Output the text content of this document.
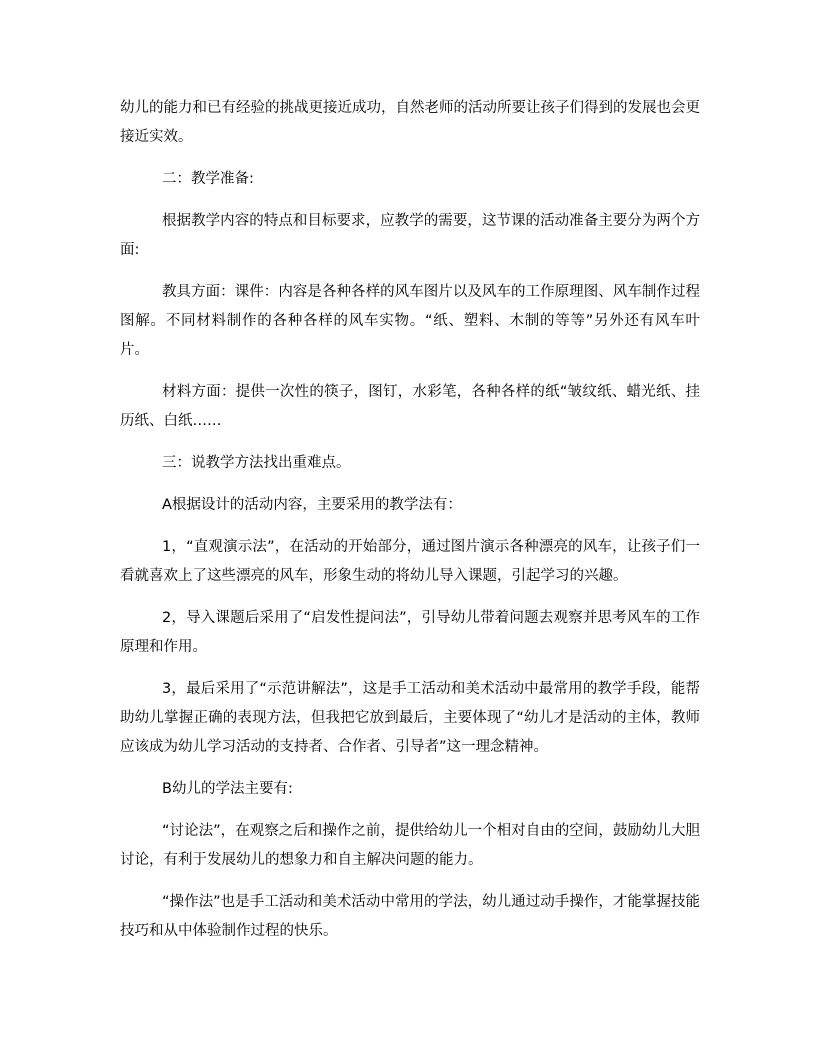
幼儿的能力和已有经验的挑战更接近成功，自然老师的活动所要让孩子们得到的发展也会更接近实效。

二：教学准备:

根据教学内容的特点和目标要求，应教学的需要，这节课的活动准备主要分为两个方面:

教具方面：课件：内容是各种各样的风车图片以及风车的工作原理图、风车制作过程图解。不同材料制作的各种各样的风车实物。“纸、塑料、木制的等等”另外还有风车叶片。

材料方面：提供一次性的筷子，图钉，水彩笔，各种各样的纸“皱纹纸、蜡光纸、挂历纸、白纸……

三：说教学方法找出重难点。

A根据设计的活动内容，主要采用的教学法有：

1，“直观演示法”，在活动的开始部分，通过图片演示各种漂亮的风车，让孩子们一看就喜欢上了这些漂亮的风车，形象生动的将幼儿导入课题，引起学习的兴趣。

2，导入课题后采用了“启发性提问法”，引导幼儿带着问题去观察并思考风车的工作原理和作用。

3，最后采用了“示范讲解法”，这是手工活动和美术活动中最常用的教学手段，能帮助幼儿掌握正确的表现方法，但我把它放到最后，主要体现了“幼儿才是活动的主体，教师应该成为幼儿学习活动的支持者、合作者、引导者”这一理念精神。

B幼儿的学法主要有:

“讨论法”，在观察之后和操作之前，提供给幼儿一个相对自由的空间，鼓励幼儿大胆讨论，有利于发展幼儿的想象力和自主解决问题的能力。

“操作法”也是手工活动和美术活动中常用的学法，幼儿通过动手操作，才能掌握技能技巧和从中体验制作过程的快乐。
